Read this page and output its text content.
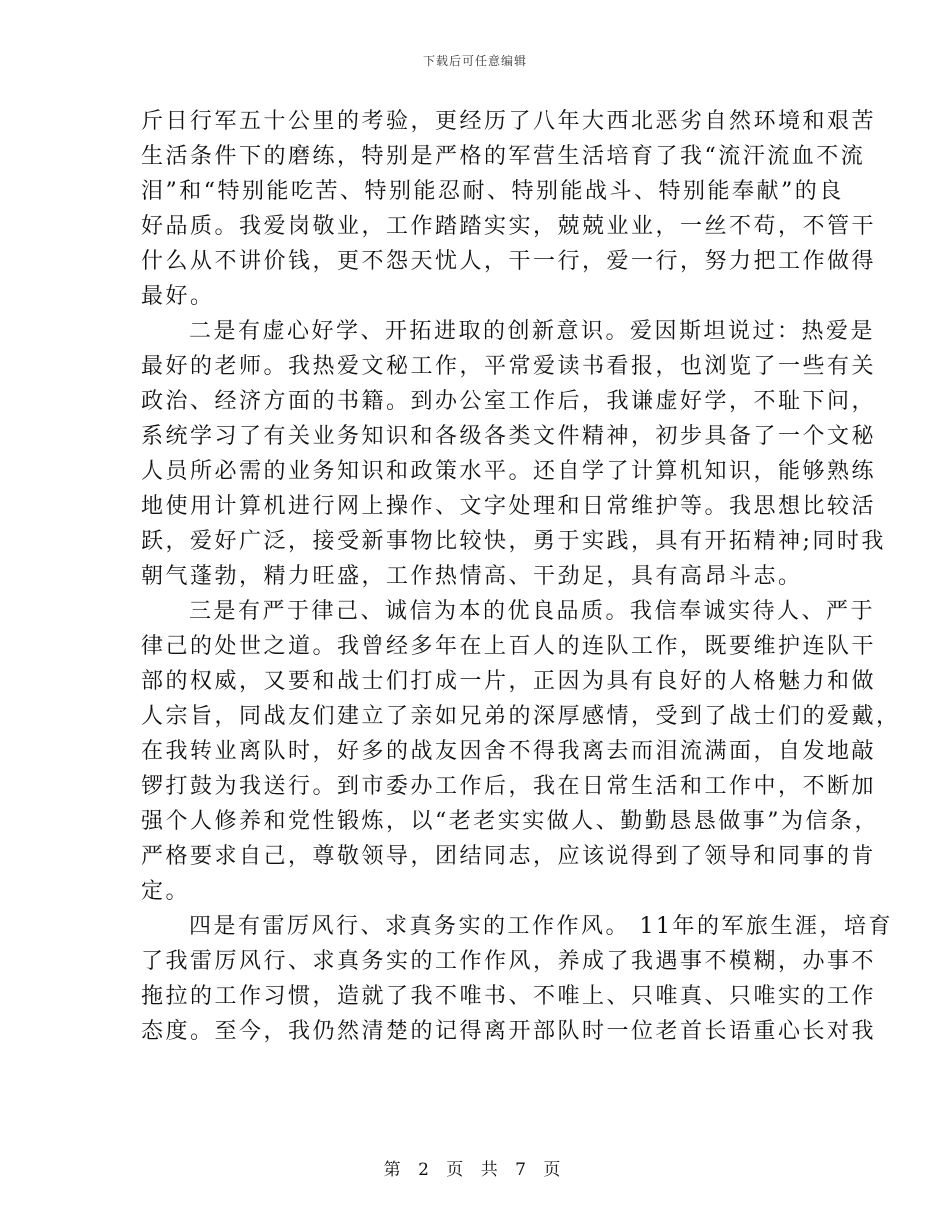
下载后可任意编辑
斤日行军五十公里的考验，更经历了八年大西北恶劣自然环境和艰苦
生活条件下的磨练，特别是严格的军营生活培育了我“流汗流血不流
泪”和“特别能吃苦、特别能忍耐、特别能战斗、特别能奉献”的良
好品质。我爱岗敬业，工作踏踏实实，兢兢业业，一丝不苟，不管干
什么从不讲价钱，更不怨天忧人，干一行，爱一行，努力把工作做得
最好。
二是有虚心好学、开拓进取的创新意识。爱因斯坦说过：热爱是
最好的老师。我热爱文秘工作，平常爱读书看报，也浏览了一些有关
政治、经济方面的书籍。到办公室工作后，我谦虚好学，不耻下问，
系统学习了有关业务知识和各级各类文件精神，初步具备了一个文秘
人员所必需的业务知识和政策水平。还自学了计算机知识，能够熟练
地使用计算机进行网上操作、文字处理和日常维护等。我思想比较活
跃，爱好广泛，接受新事物比较快，勇于实践，具有开拓精神;同时我
朝气蓬勃，精力旺盛，工作热情高、干劲足，具有高昂斗志。
三是有严于律己、诚信为本的优良品质。我信奉诚实待人、严于
律己的处世之道。我曾经多年在上百人的连队工作，既要维护连队干
部的权威，又要和战士们打成一片，正因为具有良好的人格魅力和做
人宗旨，同战友们建立了亲如兄弟的深厚感情，受到了战士们的爱戴，
在我转业离队时，好多的战友因舍不得我离去而泪流满面，自发地敲
锣打鼓为我送行。到市委办工作后，我在日常生活和工作中，不断加
强个人修养和党性锻炼，以“老老实实做人、勤勤恳恳做事”为信条，
严格要求自己，尊敬领导，团结同志，应该说得到了领导和同事的肯
定。
四是有雷厉风行、求真务实的工作作风。 11年的军旅生涯，培育
了我雷厉风行、求真务实的工作作风，养成了我遇事不模糊，办事不
拖拉的工作习惯，造就了我不唯书、不唯上、只唯真、只唯实的工作
态度。至今，我仍然清楚的记得离开部队时一位老首长语重心长对我
第 2 页 共 7 页
